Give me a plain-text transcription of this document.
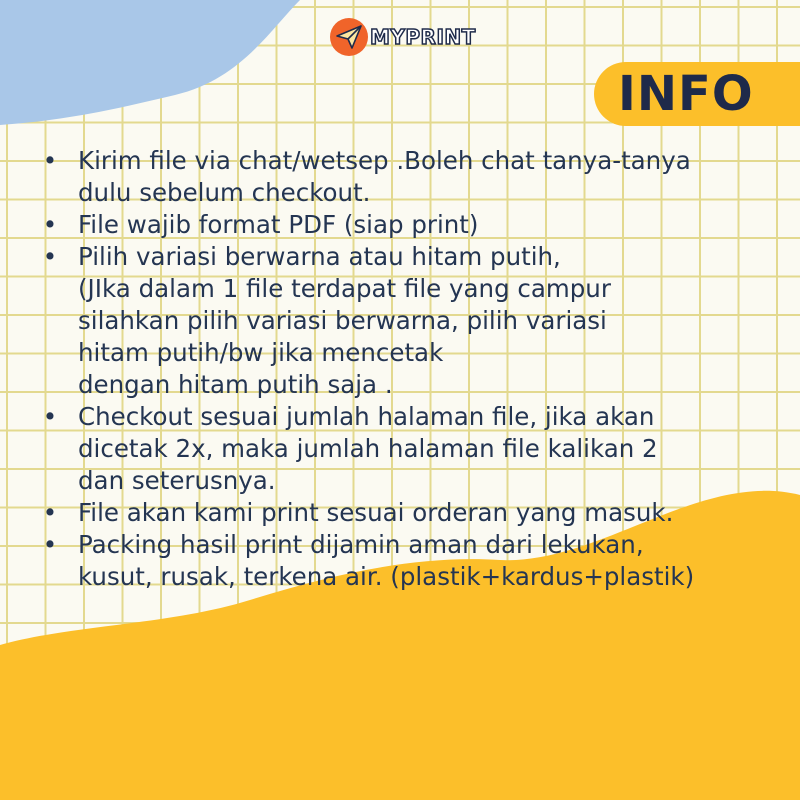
MYPRINT
INFO
• Kirim file via chat/wetsep .Boleh chat tanya-tanya
dulu sebelum checkout.
• File wajib format PDF (siap print)
• Pilih variasi berwarna atau hitam putih,
(JIka dalam 1 file terdapat file yang campur
silahkan pilih variasi berwarna, pilih variasi
hitam putih/bw jika mencetak
dengan hitam putih saja .
• Checkout sesuai jumlah halaman file, jika akan
dicetak 2x, maka jumlah halaman file kalikan 2
dan seterusnya.
• File akan kami print sesuai orderan yang masuk.
• Packing hasil print dijamin aman dari lekukan,
kusut, rusak, terkena air. (plastik+kardus+plastik)
